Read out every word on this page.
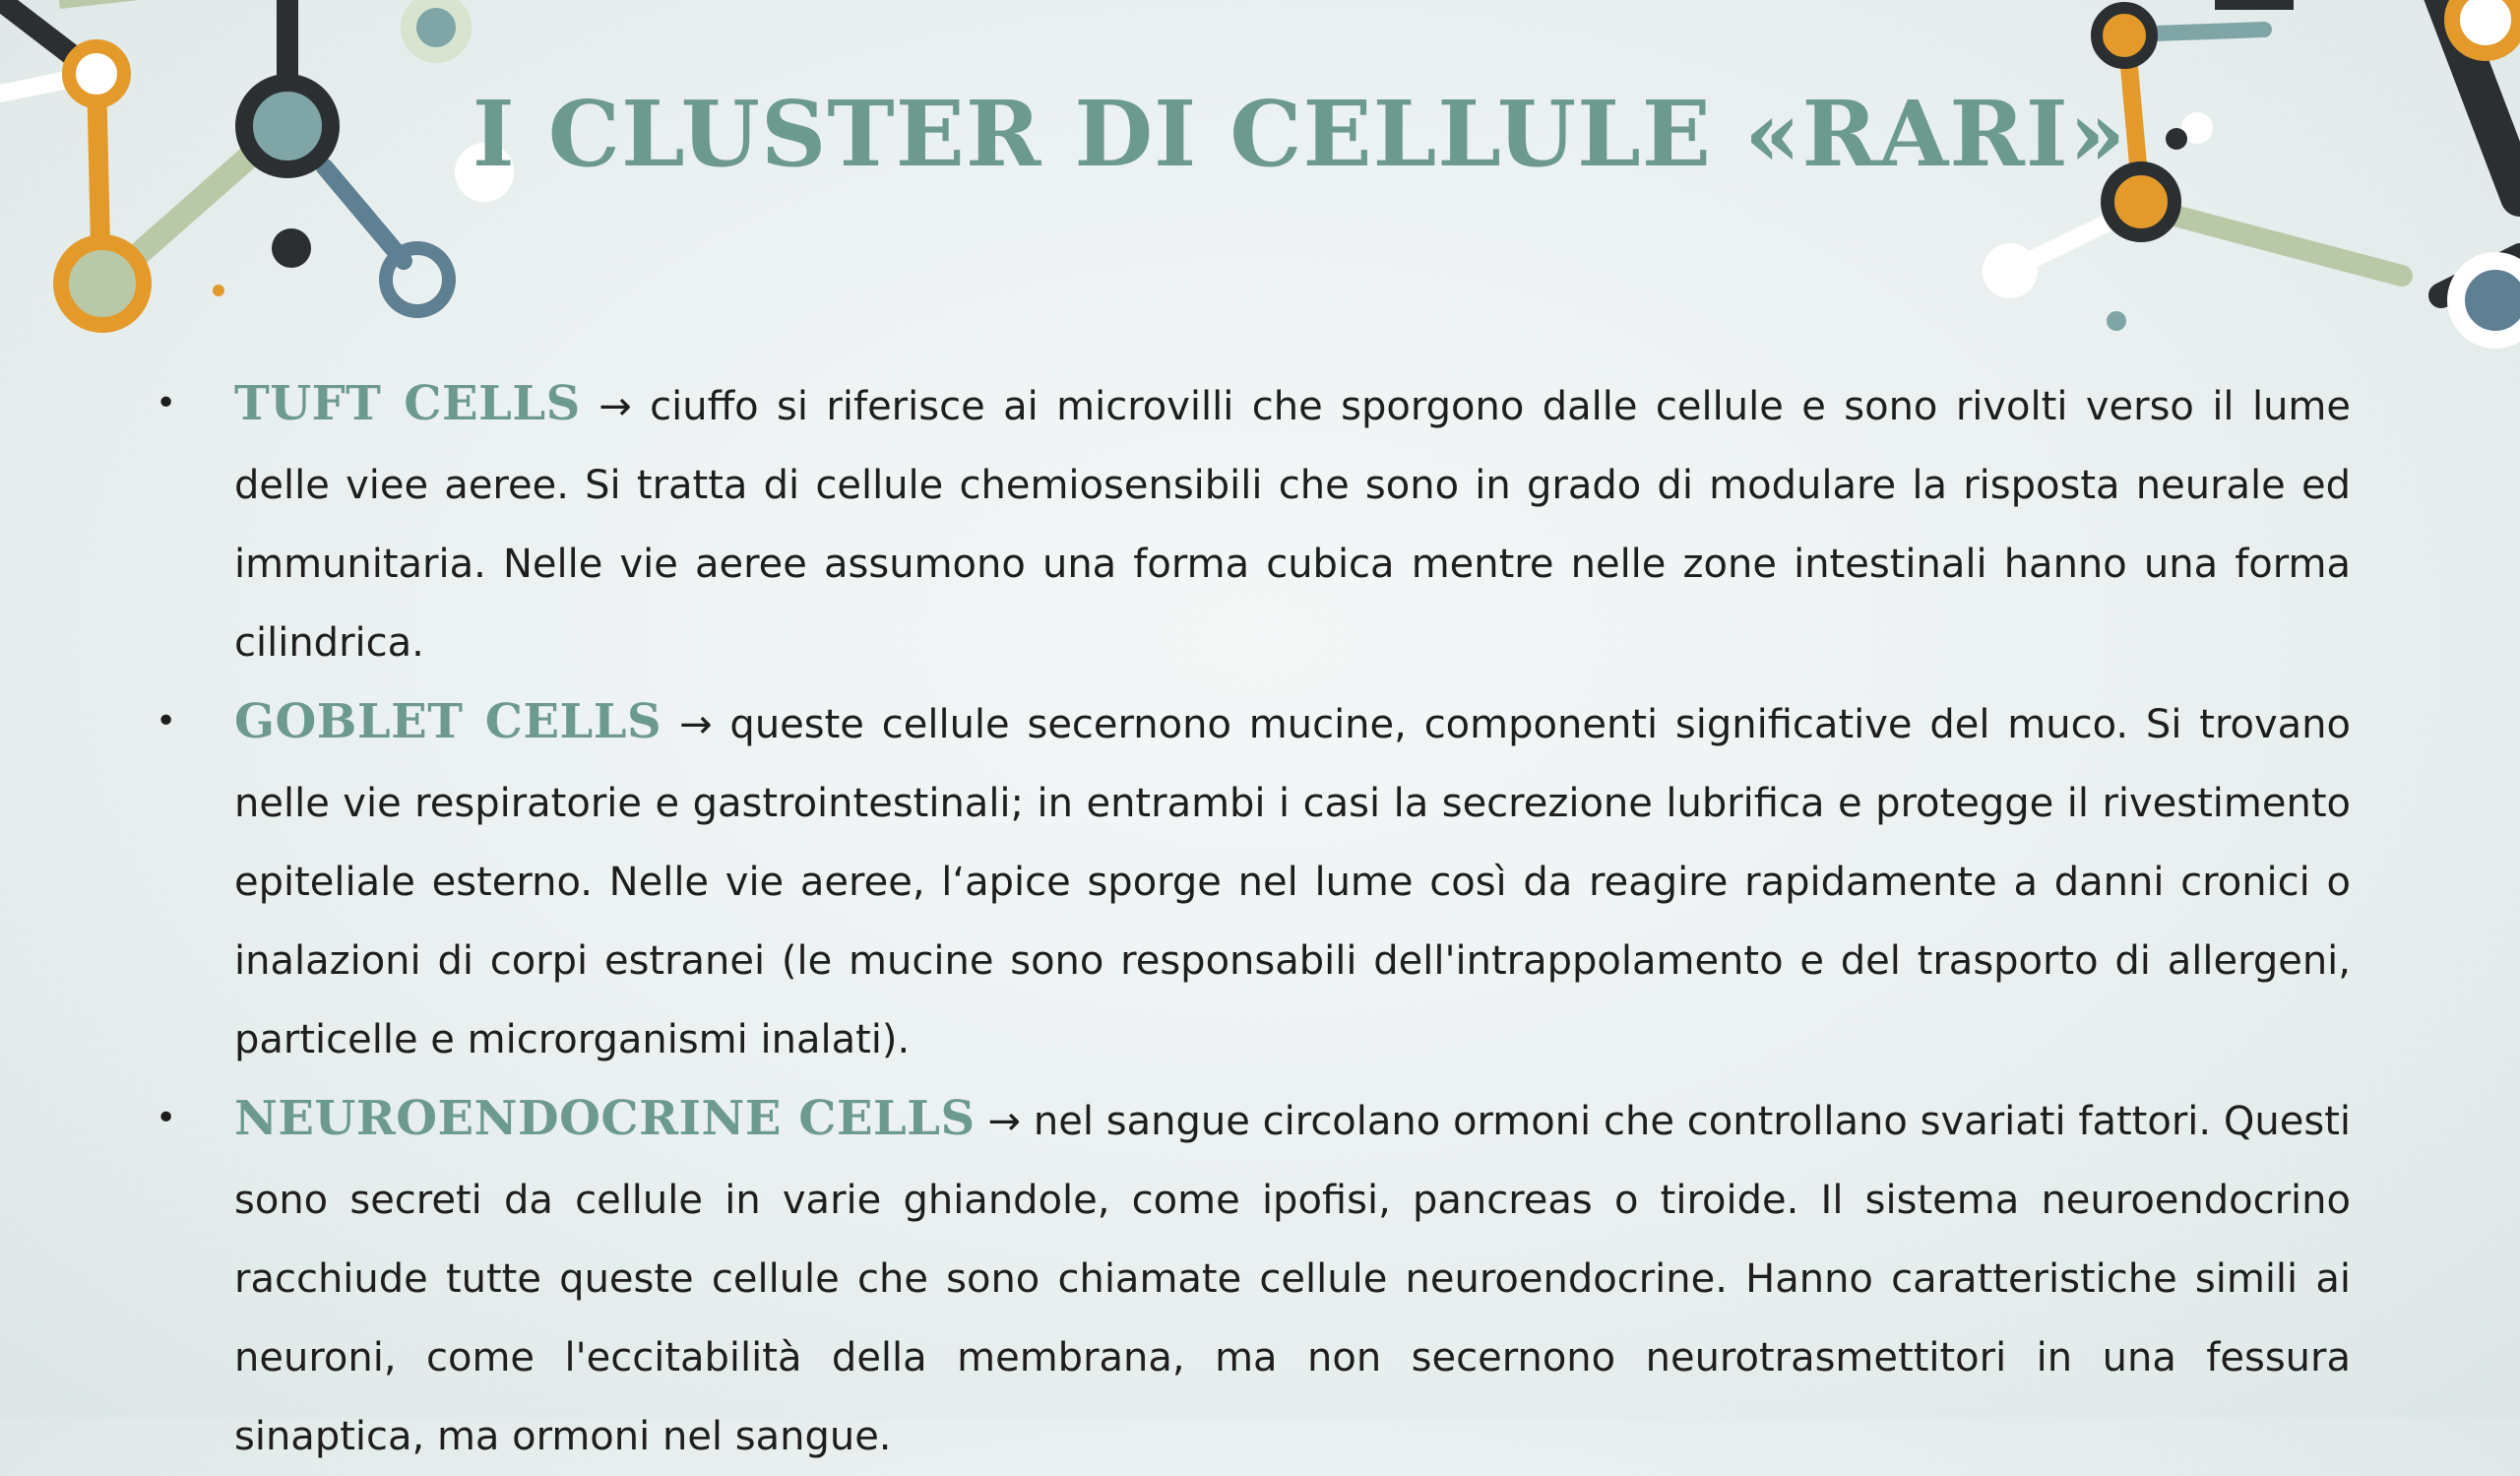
I CLUSTER DI CELLULE «RARI»
• TUFT CELLS → ciuffo si riferisce ai microvilli che sporgono dalle cellule e sono rivolti verso il lume delle viee aeree. Si tratta di cellule chemiosensibili che sono in grado di modulare la risposta neurale ed immunitaria. Nelle vie aeree assumono una forma cubica mentre nelle zone intestinali hanno una forma cilindrica.
• GOBLET CELLS → queste cellule secernono mucine, componenti significative del muco. Si trovano nelle vie respiratorie e gastrointestinali; in entrambi i casi la secrezione lubrifica e protegge il rivestimento epiteliale esterno. Nelle vie aeree, l‘apice sporge nel lume così da reagire rapidamente a danni cronici o inalazioni di corpi estranei (le mucine sono responsabili dell'intrappolamento e del trasporto di allergeni, particelle e microrganismi inalati).
• NEUROENDOCRINE CELLS → nel sangue circolano ormoni che controllano svariati fattori. Questi sono secreti da cellule in varie ghiandole, come ipofisi, pancreas o tiroide. Il sistema neuroendocrino racchiude tutte queste cellule che sono chiamate cellule neuroendocrine. Hanno caratteristiche simili ai neuroni, come l'eccitabilità della membrana, ma non secernono neurotrasmettitori in una fessura sinaptica, ma ormoni nel sangue.
